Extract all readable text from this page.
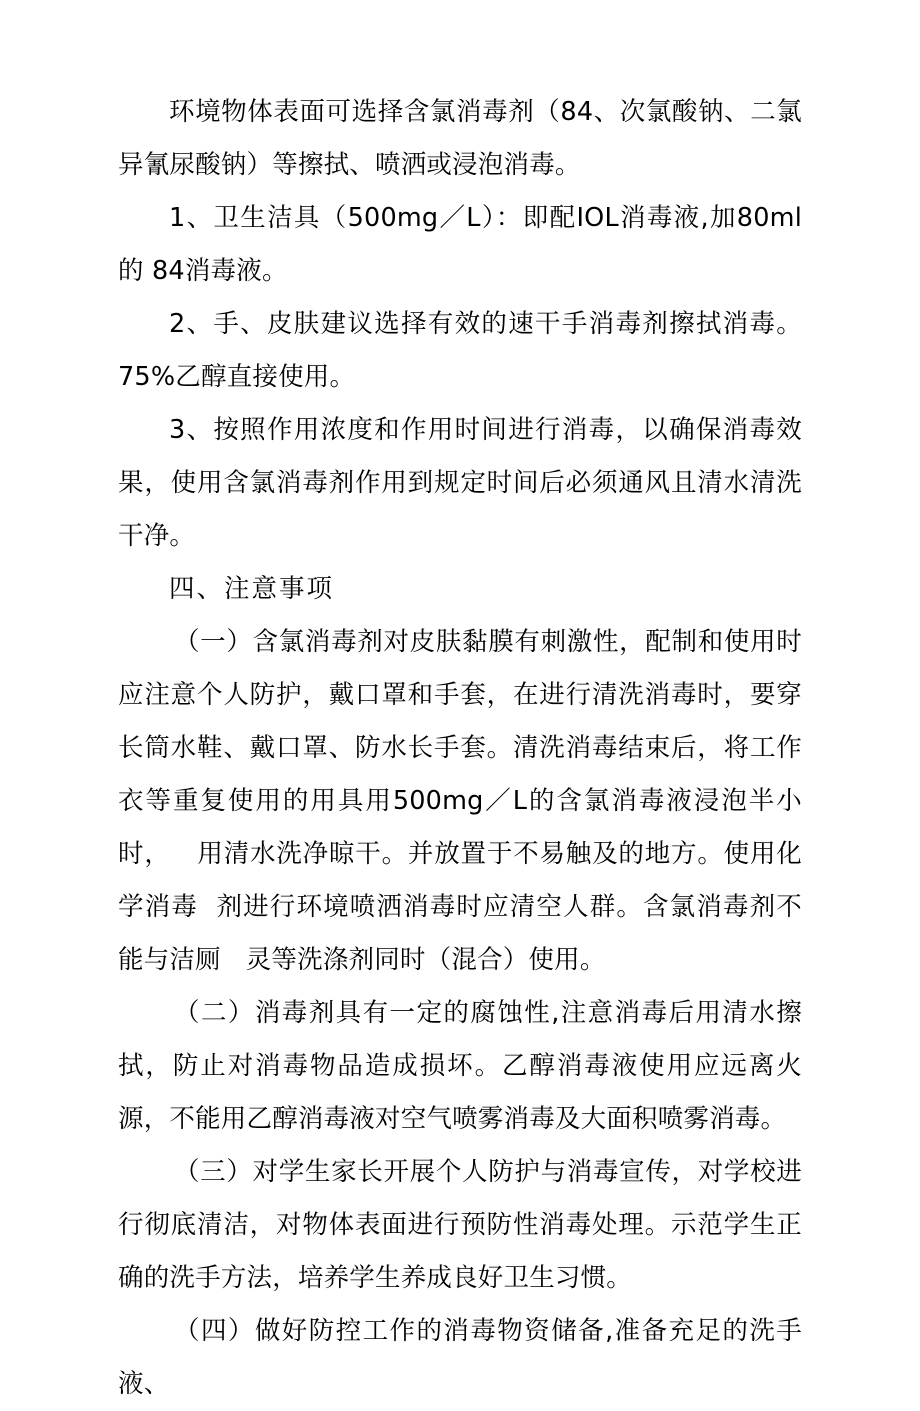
环境物体表面可选择含氯消毒剂（84、次氯酸钠、二氯  异氰尿酸钠）等擦拭、喷洒或浸泡消毒。

1、卫生洁具（500mg／L）：即配IOL消毒液,加80ml的 84消毒液。

2、手、皮肤建议选择有效的速干手消毒剂擦拭消毒。  75%乙醇直接使用。

3、按照作用浓度和作用时间进行消毒，以确保消毒效   果，使用含氯消毒剂作用到规定时间后必须通风且清水清洗 干净。

四、注意事项

（一）含氯消毒剂对皮肤黏膜有刺激性，配制和使用时  应注意个人防护，戴口罩和手套，在进行清洗消毒时，要穿   长筒水鞋、戴口罩、防水长手套。清洗消毒结束后，将工作  衣等重复使用的用具用500mg／L的含氯消毒液浸泡半小时，   用清水洗净晾干。并放置于不易触及的地方。使用化学消毒  剂进行环境喷洒消毒时应清空人群。含氯消毒剂不能与洁厕   灵等洗涤剂同时（混合）使用。

（二）消毒剂具有一定的腐蚀性,注意消毒后用清水擦 拭，防止对消毒物品造成损坏。乙醇消毒液使用应远离火源，不能用乙醇消毒液对空气喷雾消毒及大面积喷雾消毒。

（三）对学生家长开展个人防护与消毒宣传，对学校进  行彻底清洁，对物体表面进行预防性消毒处理。示范学生正   确的洗手方法，培养学生养成良好卫生习惯。

（四）做好防控工作的消毒物资储备,准备充足的洗手  液、
